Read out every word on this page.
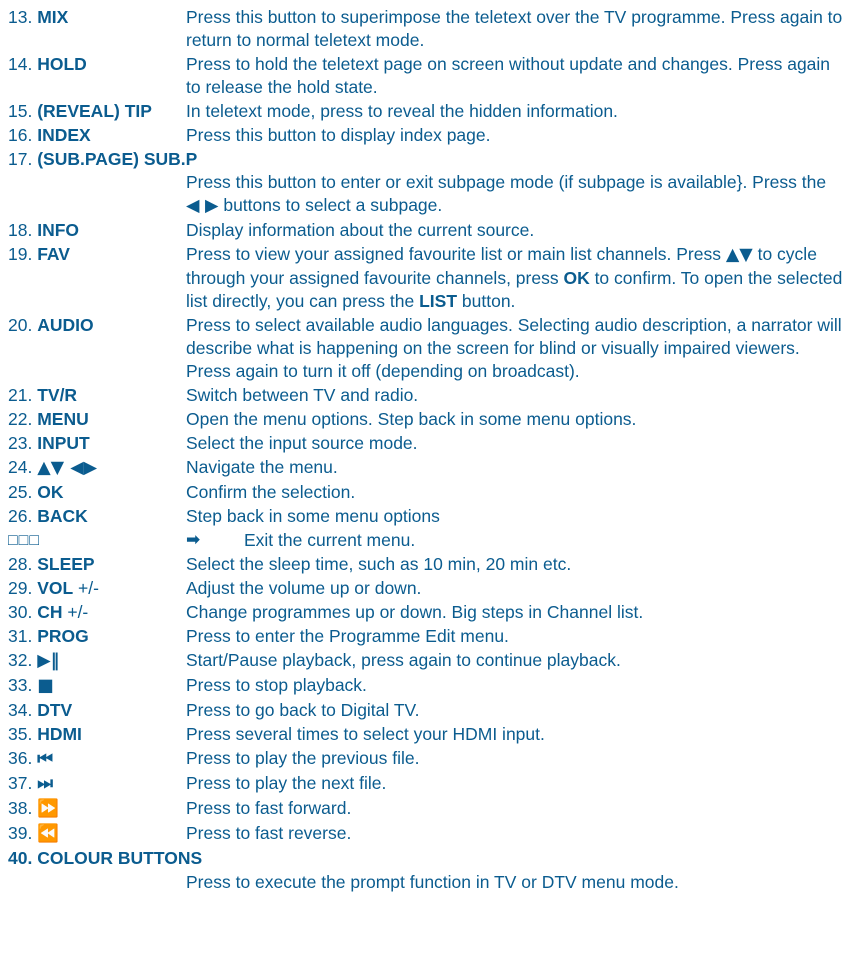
13. MIX	Press this button to superimpose the teletext over the TV programme. Press again to return to normal teletext mode.
14. HOLD	Press to hold the teletext page on screen without update and changes. Press again to release the hold state.
15. (REVEAL) TIP	In teletext mode, press to reveal the hidden information.
16. INDEX	Press this button to display index page.
17. (SUB.PAGE) SUB.P
Press this button to enter or exit subpage mode (if subpage is available}. Press the ◀ ▶ buttons to select a subpage.
18. INFO	Display information about the current source.
19. FAV	Press to view your assigned favourite list or main list channels. Press ▲▼ to cycle through your assigned favourite channels, press OK to confirm. To open the selected list directly, you can press the LIST button.
20. AUDIO	Press to select available audio languages. Selecting audio description, a narrator will describe what is happening on the screen for blind or visually impaired viewers. Press again to turn it off (depending on broadcast).
21. TV/R	Switch between TV and radio.
22. MENU	Open the menu options. Step back in some menu options.
23. INPUT	Select the input source mode.
24. ▲▼ ◀▶	Navigate the menu.
25. OK	Confirm the selection.
26. BACK	Step back in some menu options
□□□	➡	Exit the current menu.
28. SLEEP	Select the sleep time, such as 10 min, 20 min etc.
29. VOL +/-	Adjust the volume up or down.
30. CH +/-	Change programmes up or down. Big steps in Channel list.
31. PROG	Press to enter the Programme Edit menu.
32. ▶‖	Start/Pause playback, press again to continue playback.
33. ■	Press to stop playback.
34. DTV	Press to go back to Digital TV.
35. HDMI	Press several times to select your HDMI input.
36. ⏮	Press to play the previous file.
37. ⏭	Press to play the next file.
38. ⏩	Press to fast forward.
39. ⏪	Press to fast reverse.
40. COLOUR BUTTONS
Press to execute the prompt function in TV or DTV menu mode.
